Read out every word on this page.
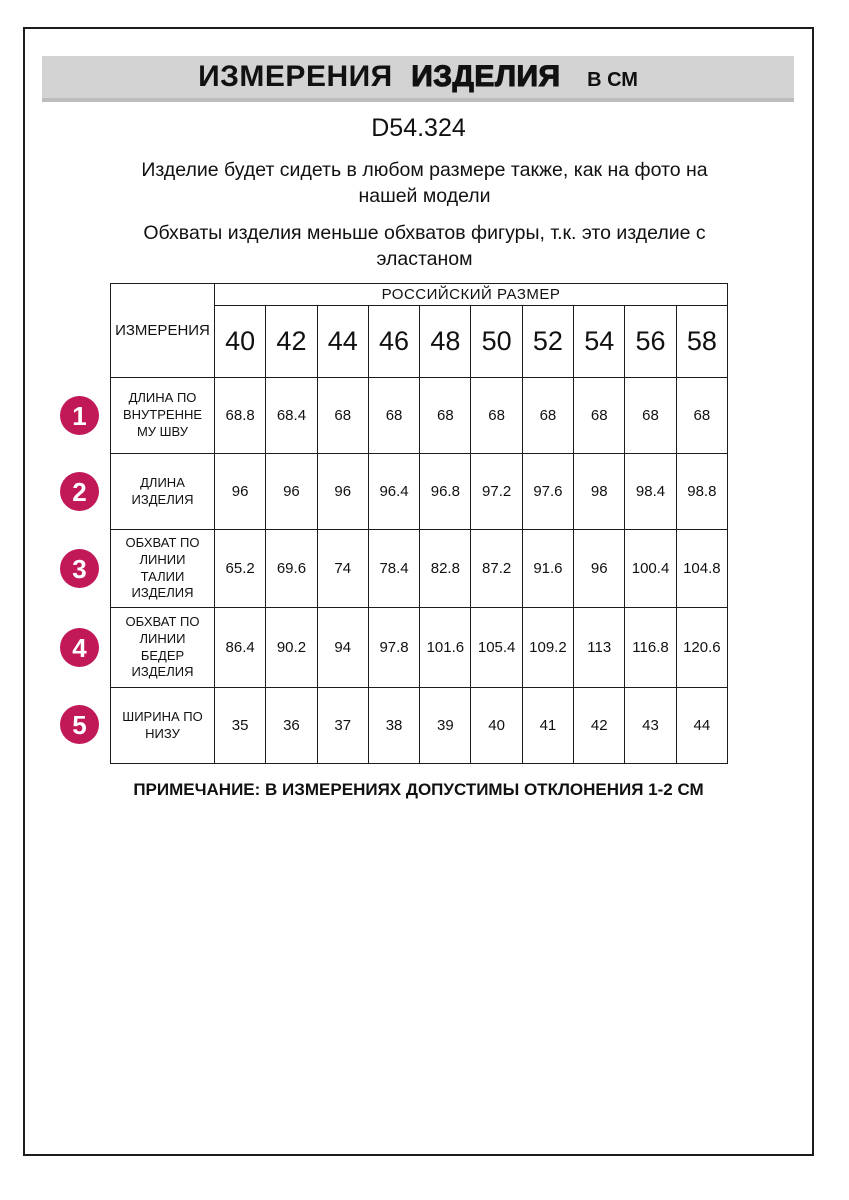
ИЗМЕРЕНИЯ ИЗДЕЛИЯ В СМ
D54.324

Изделие будет сидеть в любом размере также, как на фото на нашей модели

Обхваты изделия меньше обхватов фигуры, т.к. это изделие с эластаном

ИЗМЕРЕНИЯ	РОССИЙСКИЙ РАЗМЕР									
	40	42	44	46	48	50	52	54	56	58
ДЛИНА ПО ВНУТРЕННЕМУ ШВУ	68.8	68.4	68	68	68	68	68	68	68	68
ДЛИНА ИЗДЕЛИЯ	96	96	96	96.4	96.8	97.2	97.6	98	98.4	98.8
ОБХВАТ ПО ЛИНИИ ТАЛИИ ИЗДЕЛИЯ	65.2	69.6	74	78.4	82.8	87.2	91.6	96	100.4	104.8
ОБХВАТ ПО ЛИНИИ БЕДЕР ИЗДЕЛИЯ	86.4	90.2	94	97.8	101.6	105.4	109.2	113	116.8	120.6
ШИРИНА ПО НИЗУ	35	36	37	38	39	40	41	42	43	44
1
2
3
4
5
ПРИМЕЧАНИЕ: В ИЗМЕРЕНИЯХ ДОПУСТИМЫ ОТКЛОНЕНИЯ 1-2 СМ
